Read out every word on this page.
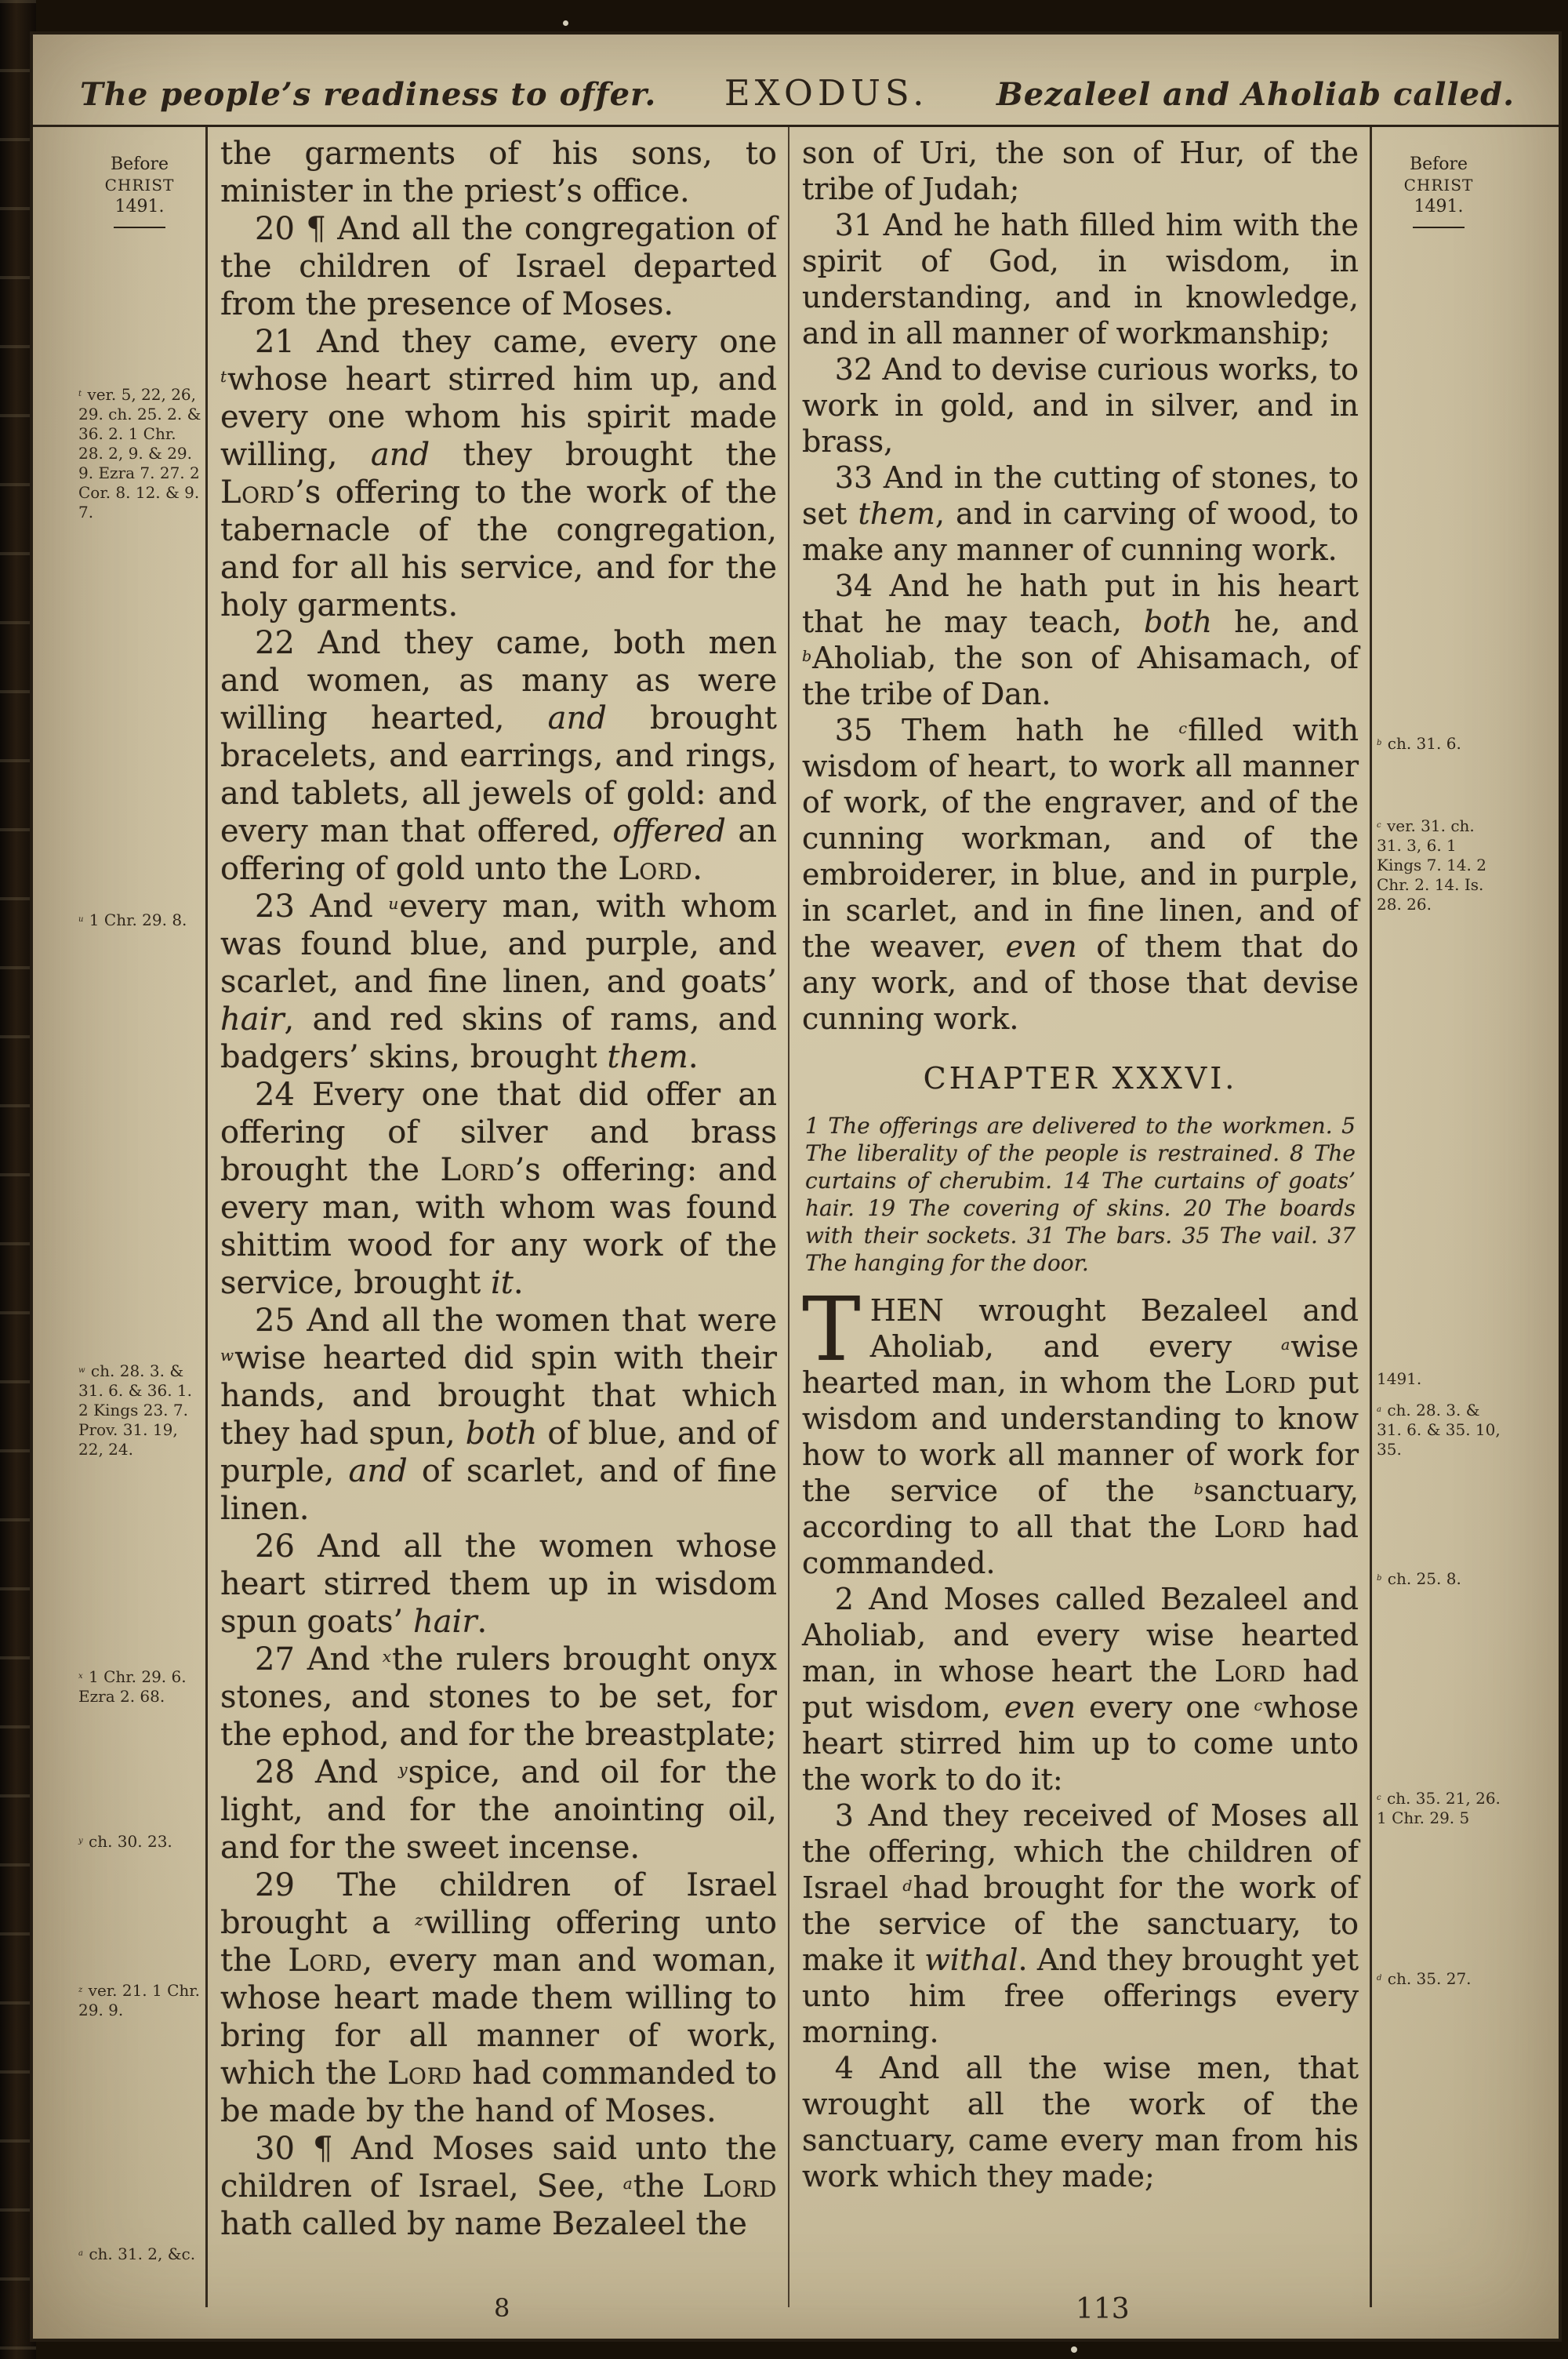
The people’s readiness to offer. EXODUS. Bezaleel and Aholiab called.
Before
CHRIST
1491.
$^t$ ver. 5, 22, 26, 29. ch. 25. 2. & 36. 2. 1 Chr. 28. 2, 9. & 29. 9. Ezra 7. 27. 2 Cor. 8. 12. & 9. 7.
$^u$ 1 Chr. 29. 8.
$^w$ ch. 28. 3. & 31. 6. & 36. 1. 2 Kings 23. 7. Prov. 31. 19, 22, 24.
$^x$ 1 Chr. 29. 6. Ezra 2. 68.
$^y$ ch. 30. 23.
$^z$ ver. 21. 1 Chr. 29. 9.
$^a$ ch. 31. 2, &c.

the garments of his sons, to minister in the priest’s office.

20 ¶ And all the congregation of the children of Israel departed from the presence of Moses.

21 And they came, every one $^t$whose heart stirred him up, and every one whom his spirit made willing, and they brought the Lord’s offering to the work of the tabernacle of the congregation, and for all his service, and for the holy garments.

22 And they came, both men and women, as many as were willing hearted, and brought bracelets, and earrings, and rings, and tablets, all jewels of gold: and every man that offered, offered an offering of gold unto the Lord.

23 And $^u$every man, with whom was found blue, and purple, and scarlet, and fine linen, and goats’ hair, and red skins of rams, and badgers’ skins, brought them.

24 Every one that did offer an offering of silver and brass brought the Lord’s offering: and every man, with whom was found shittim wood for any work of the service, brought it.

25 And all the women that were $^w$wise hearted did spin with their hands, and brought that which they had spun, both of blue, and of purple, and of scarlet, and of fine linen.

26 And all the women whose heart stirred them up in wisdom spun goats’ hair.

27 And $^x$the rulers brought onyx stones, and stones to be set, for the ephod, and for the breastplate;

28 And $^y$spice, and oil for the light, and for the anointing oil, and for the sweet incense.

29 The children of Israel brought a $^z$willing offering unto the Lord, every man and woman, whose heart made them willing to bring for all manner of work, which the Lord had commanded to be made by the hand of Moses.

30 ¶ And Moses said unto the children of Israel, See, $^a$the Lord hath called by name Bezaleel the

son of Uri, the son of Hur, of the tribe of Judah;

31 And he hath filled him with the spirit of God, in wisdom, in understanding, and in knowledge, and in all manner of workmanship;

32 And to devise curious works, to work in gold, and in silver, and in brass,

33 And in the cutting of stones, to set them, and in carving of wood, to make any manner of cunning work.

34 And he hath put in his heart that he may teach, both he, and $^b$Aholiab, the son of Ahisamach, of the tribe of Dan.

35 Them hath he $^c$filled with wisdom of heart, to work all manner of work, of the engraver, and of the cunning workman, and of the embroiderer, in blue, and in purple, in scarlet, and in fine linen, and of the weaver, even of them that do any work, and of those that devise cunning work.

CHAPTER XXXVI.

1 The offerings are delivered to the workmen. 5 The liberality of the people is restrained. 8 The curtains of cherubim. 14 The curtains of goats’ hair. 19 The covering of skins. 20 The boards with their sockets. 31 The bars. 35 The vail. 37 The hanging for the door.

THEN wrought Bezaleel and Aholiab, and every $^a$wise hearted man, in whom the Lord put wisdom and understanding to know how to work all manner of work for the service of the $^b$sanctuary, according to all that the Lord had commanded.

2 And Moses called Bezaleel and Aholiab, and every wise hearted man, in whose heart the Lord had put wisdom, even every one $^c$whose heart stirred him up to come unto the work to do it:

3 And they received of Moses all the offering, which the children of Israel $^d$had brought for the work of the service of the sanctuary, to make it withal. And they brought yet unto him free offerings every morning.

4 And all the wise men, that wrought all the work of the sanctuary, came every man from his work which they made;

Before
CHRIST
1491.
$^b$ ch. 31. 6.
$^c$ ver. 31. ch. 31. 3, 6. 1 Kings 7. 14. 2 Chr. 2. 14. Is. 28. 26.
1491.
$^a$ ch. 28. 3. & 31. 6. & 35. 10, 35.
$^b$ ch. 25. 8.
$^c$ ch. 35. 21, 26. 1 Chr. 29. 5
$^d$ ch. 35. 27.
8	113
